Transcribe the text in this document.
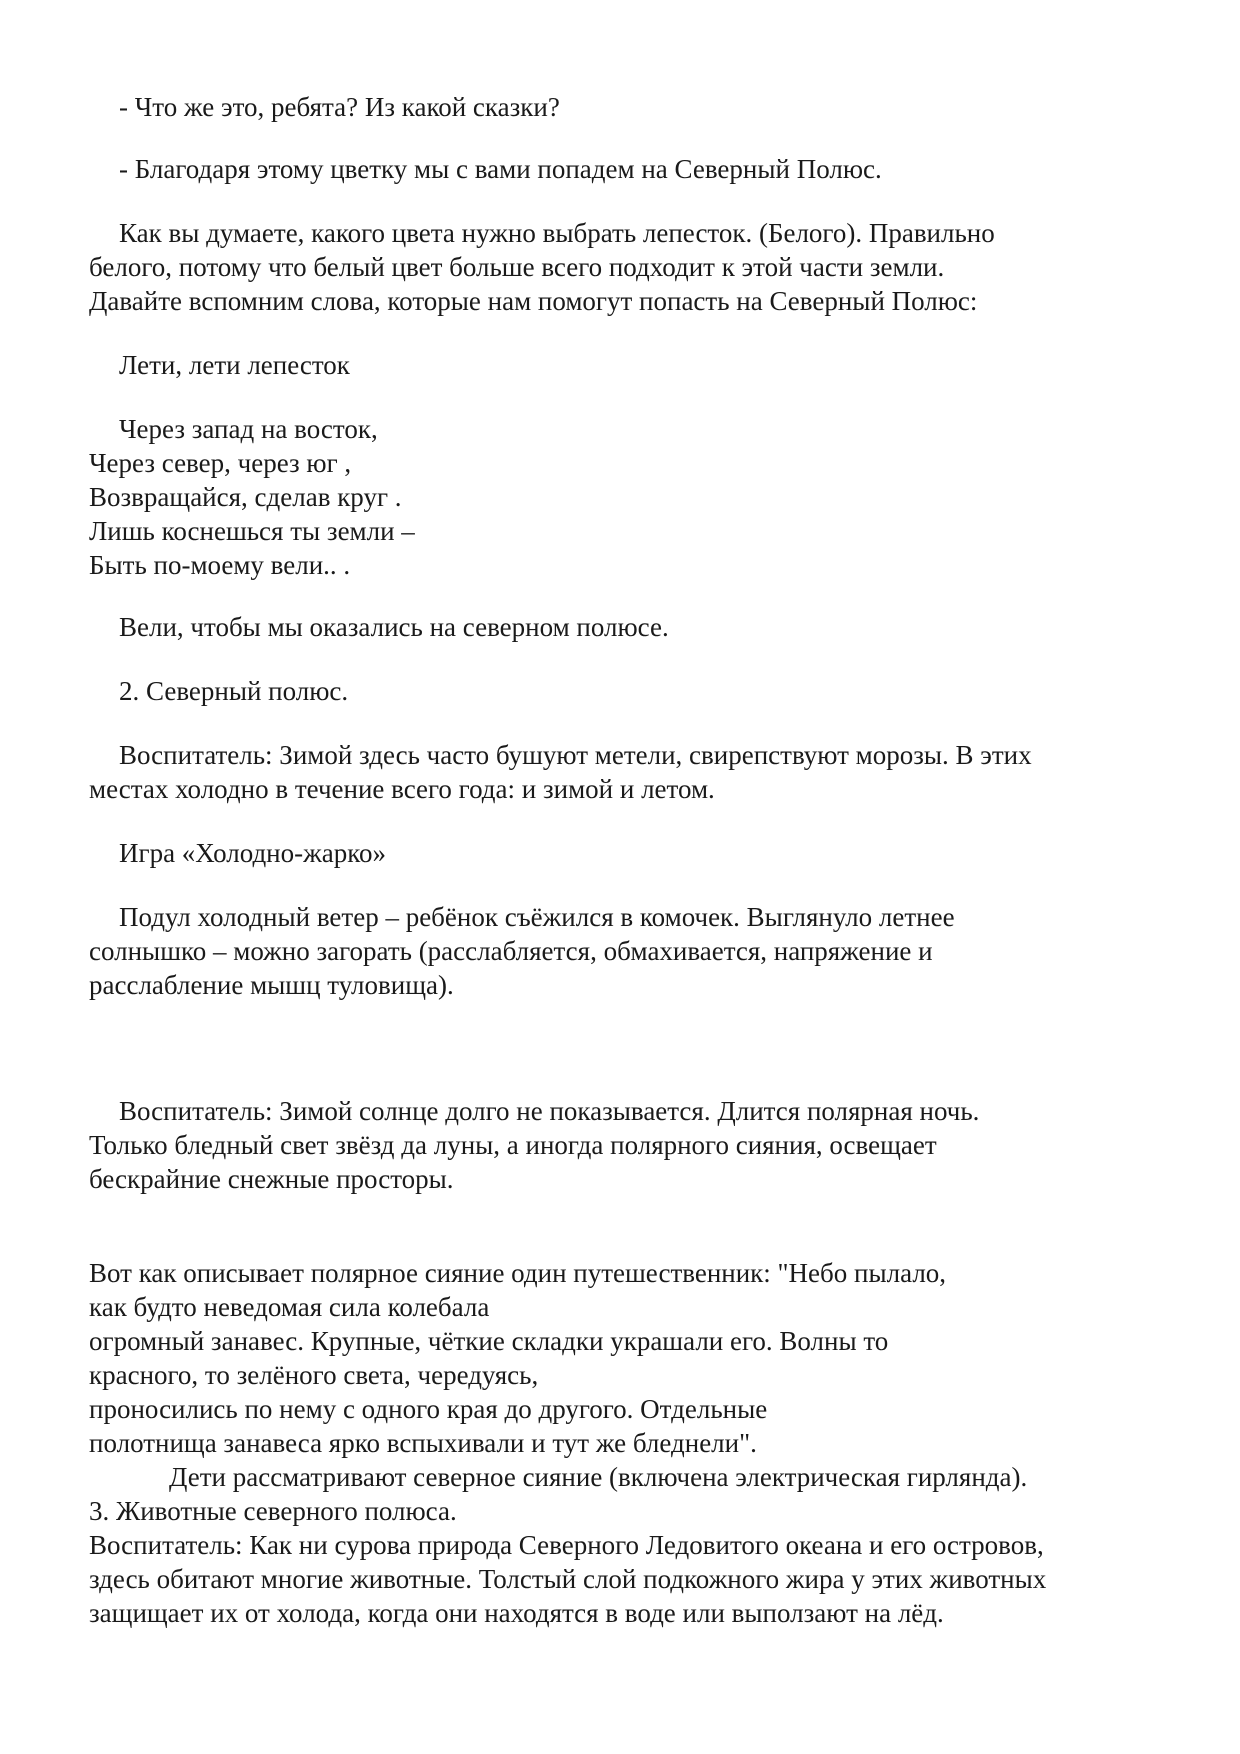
- Что же это, ребята? Из какой сказки?

- Благодаря этому цветку мы с вами попадем на Северный Полюс.

Как вы думаете, какого цвета нужно выбрать лепесток. (Белого). Правильно

белого, потому что белый цвет больше всего подходит к этой части земли.

Давайте вспомним слова, которые нам помогут попасть на Северный Полюс:

Лети, лети лепесток

Через запад на восток,

Через север, через юг ,

Возвращайся, сделав круг .

Лишь коснешься ты земли –

Быть по-моему вели.. .

Вели, чтобы мы оказались на северном полюсе.

2. Северный полюс.

Воспитатель: Зимой здесь часто бушуют метели, свирепствуют морозы. В этих

местах холодно в течение всего года: и зимой и летом.

Игра «Холодно-жарко»

Подул холодный ветер – ребёнок съёжился в комочек. Выглянуло летнее

солнышко – можно загорать (расслабляется, обмахивается, напряжение и

расслабление мышц туловища).

Воспитатель: Зимой солнце долго не показывается. Длится полярная ночь.

Только бледный свет звёзд да луны, а иногда полярного сияния, освещает

бескрайние снежные просторы.

Вот как описывает полярное сияние один путешественник: "Небо пылало,

как будто неведомая сила колебала

огромный занавес. Крупные, чёткие складки украшали его. Волны то

красного, то зелёного света, чередуясь,

проносились по нему с одного края до другого. Отдельные

полотнища занавеса ярко вспыхивали и тут же бледнели".

Дети рассматривают северное сияние (включена электрическая гирлянда).

3. Животные северного полюса.

Воспитатель: Как ни сурова природа Северного Ледовитого океана и его островов,

здесь обитают многие животные. Толстый слой подкожного жира у этих животных

защищает их от холода, когда они находятся в воде или выползают на лёд.
